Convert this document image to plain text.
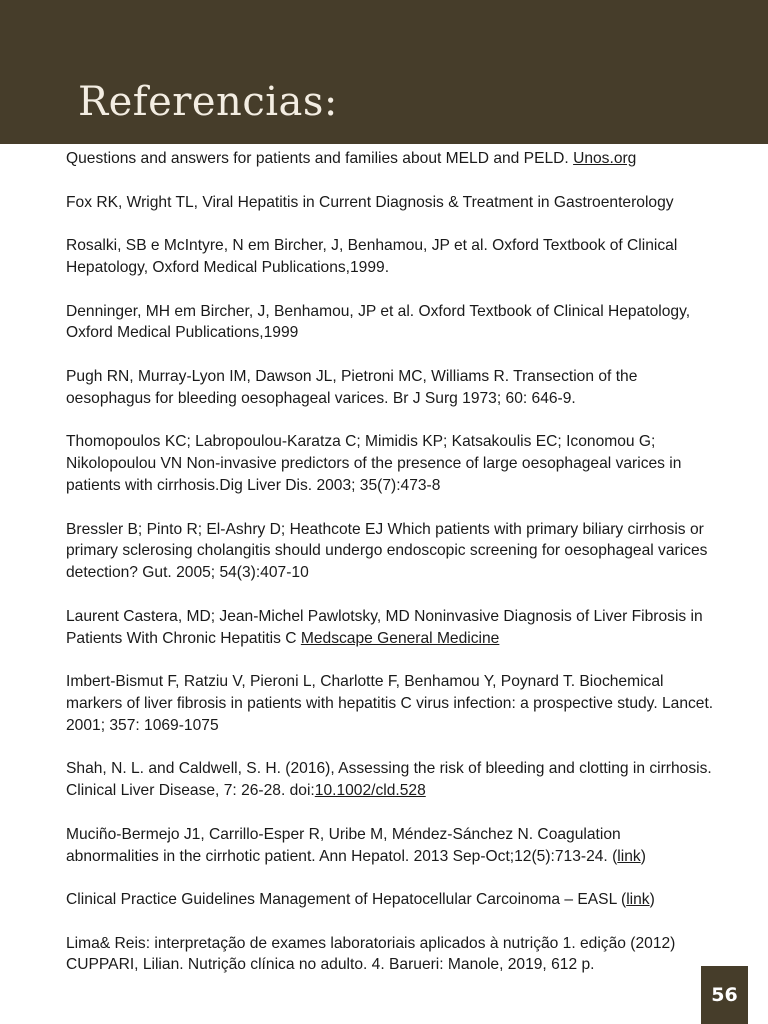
Referencias:
Questions and answers for patients and families about MELD and PELD. Unos.org
Fox RK, Wright TL, Viral Hepatitis in Current Diagnosis & Treatment in Gastroenterology
Rosalki, SB e McIntyre, N em Bircher, J, Benhamou, JP et al. Oxford Textbook of Clinical Hepatology, Oxford Medical Publications,1999.
Denninger, MH em Bircher, J, Benhamou, JP et al. Oxford Textbook of Clinical Hepatology, Oxford Medical Publications,1999
Pugh RN, Murray-Lyon IM, Dawson JL, Pietroni MC, Williams R. Transection of the oesophagus for bleeding oesophageal varices. Br J Surg 1973; 60: 646-9.
Thomopoulos KC; Labropoulou-Karatza C; Mimidis KP; Katsakoulis EC; Iconomou G; Nikolopoulou VN Non-invasive predictors of the presence of large oesophageal varices in patients with cirrhosis.Dig Liver Dis. 2003; 35(7):473-8
Bressler B; Pinto R; El-Ashry D; Heathcote EJ Which patients with primary biliary cirrhosis or primary sclerosing cholangitis should undergo endoscopic screening for oesophageal varices detection? Gut. 2005; 54(3):407-10
Laurent Castera, MD; Jean-Michel Pawlotsky, MD Noninvasive Diagnosis of Liver Fibrosis in Patients With Chronic Hepatitis C Medscape General Medicine
Imbert-Bismut F, Ratziu V, Pieroni L, Charlotte F, Benhamou Y, Poynard T. Biochemical markers of liver fibrosis in patients with hepatitis C virus infection: a prospective study. Lancet. 2001; 357: 1069-1075
Shah, N. L. and Caldwell, S. H. (2016), Assessing the risk of bleeding and clotting in cirrhosis. Clinical Liver Disease, 7: 26-28. doi:10.1002/cld.528
Muciño-Bermejo J1, Carrillo-Esper R, Uribe M, Méndez-Sánchez N. Coagulation abnormalities in the cirrhotic patient. Ann Hepatol. 2013 Sep-Oct;12(5):713-24. (link)
Clinical Practice Guidelines Management of Hepatocellular Carcoinoma – EASL (link)
Lima& Reis: interpretação de exames laboratoriais aplicados à nutrição 1. edição (2012) CUPPARI, Lilian. Nutrição clínica no adulto. 4. Barueri: Manole, 2019, 612 p.
56
